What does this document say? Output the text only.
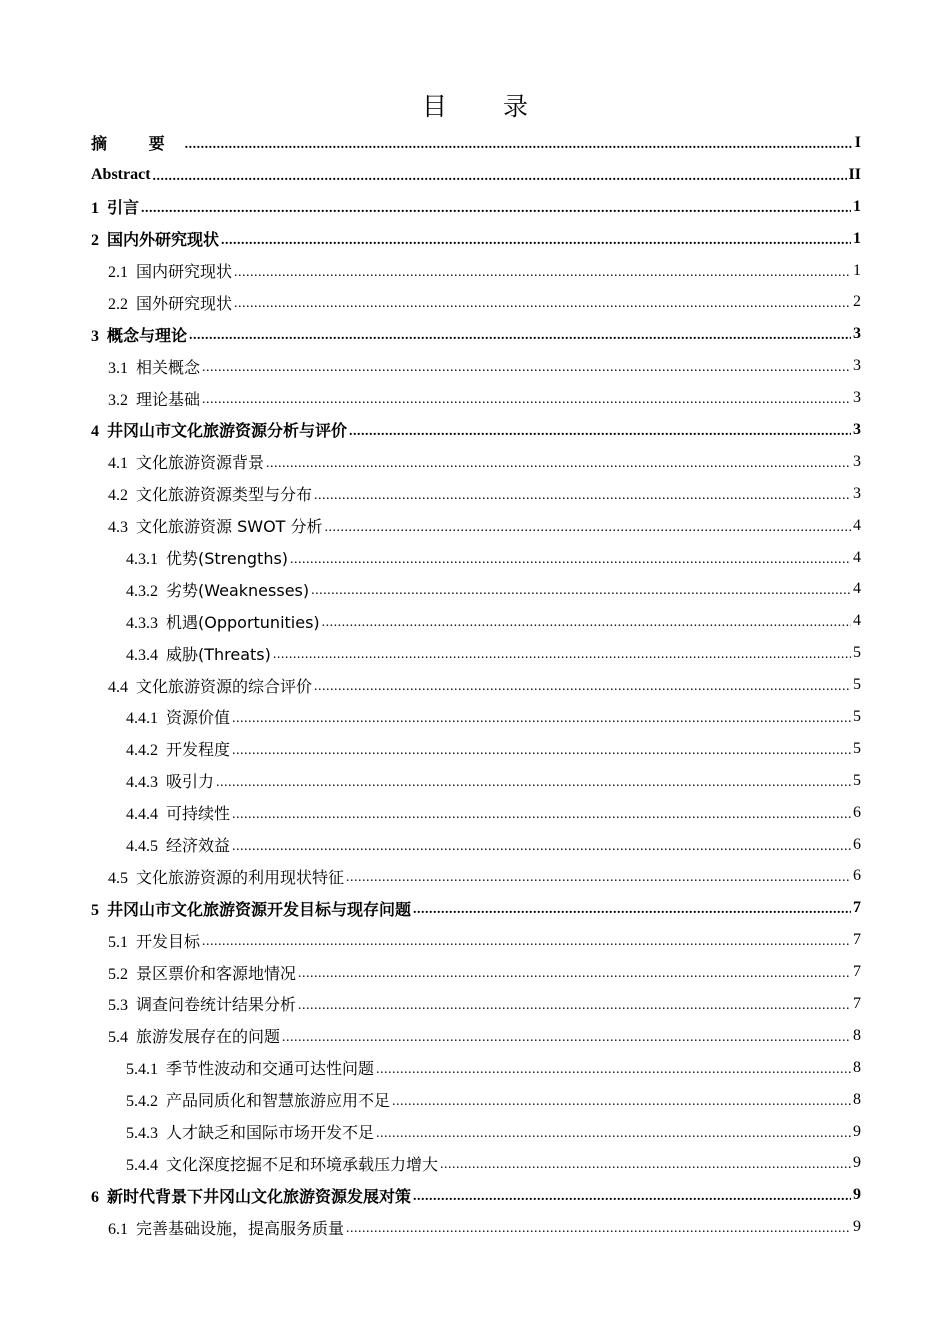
目 录
摘 要 .....	I
Abstract .....	II
1 引言 .....	1
2 国内外研究现状 .....	1
2.1 国内研究现状 .....	1
2.2 国外研究现状 .....	2
3 概念与理论 .....	3
3.1 相关概念 .....	3
3.2 理论基础 .....	3
4 井冈山市文化旅游资源分析与评价 .....	3
4.1 文化旅游资源背景 .....	3
4.2 文化旅游资源类型与分布 .....	3
4.3 文化旅游资源 SWOT 分析 .....	4
4.3.1 优势(Strengths) .....	4
4.3.2 劣势(Weaknesses) .....	4
4.3.3 机遇(Opportunities) .....	4
4.3.4 威胁(Threats) .....	5
4.4 文化旅游资源的综合评价 .....	5
4.4.1 资源价值 .....	5
4.4.2 开发程度 .....	5
4.4.3 吸引力 .....	5
4.4.4 可持续性 .....	6
4.4.5 经济效益 .....	6
4.5 文化旅游资源的利用现状特征 .....	6
5 井冈山市文化旅游资源开发目标与现存问题 .....	7
5.1 开发目标 .....	7
5.2 景区票价和客源地情况 .....	7
5.3 调查问卷统计结果分析 .....	7
5.4 旅游发展存在的问题 .....	8
5.4.1 季节性波动和交通可达性问题 .....	8
5.4.2 产品同质化和智慧旅游应用不足 .....	8
5.4.3 人才缺乏和国际市场开发不足 .....	9
5.4.4 文化深度挖掘不足和环境承载压力增大 .....	9
6 新时代背景下井冈山文化旅游资源发展对策 .....	9
6.1 完善基础设施，提高服务质量 .....	9
